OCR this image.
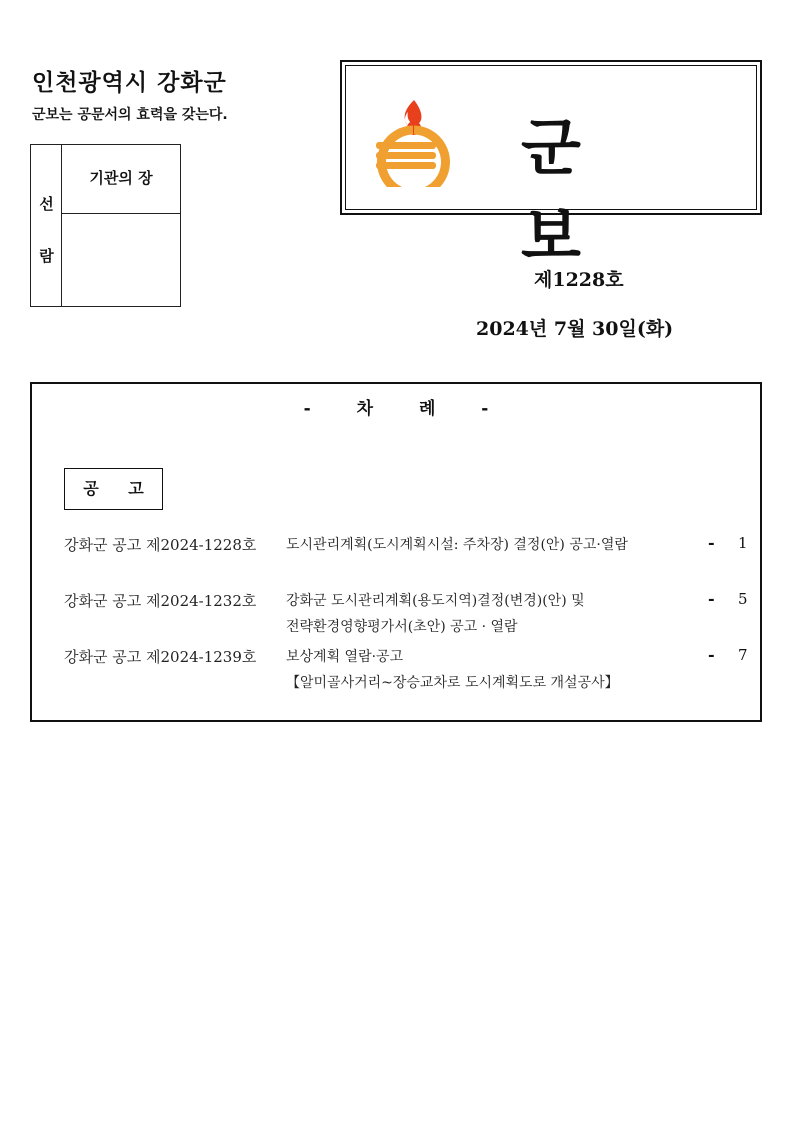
인천광역시 강화군
군보는 공문서의 효력을 갖는다.
선
람
기관의 장	군보
제1228호
2024년 7월 30일(화)
- 차 례 -
공 고
강화군 공고 제2024-1228호 도시관리계획(도시계획시설: 주차장) 결정(안) 공고·열람	- 1
강화군 공고 제2024-1232호 강화군 도시관리계획(용도지역)결정(변경)(안) 및
전략환경영향평가서(초안) 공고 · 열람
- 5
강화군 공고 제2024-1239호 보상계획 열람·공고
【알미골사거리~장승교차로 도시계획도로 개설공사】
- 7
